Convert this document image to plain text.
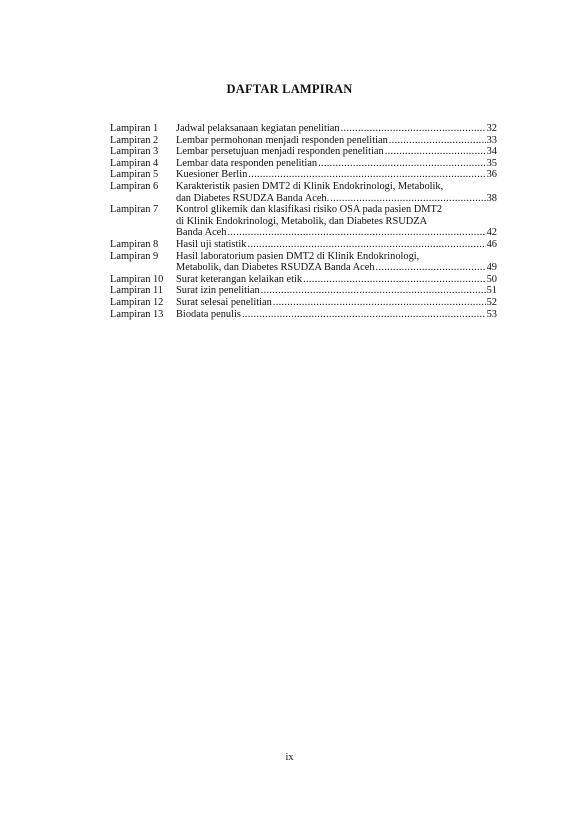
DAFTAR LAMPIRAN
Lampiran 1	Jadwal pelaksanaan kegiatan penelitian .....	32
Lampiran 2	Lembar permohonan menjadi responden penelitian .....	33
Lampiran 3	Lembar persetujuan menjadi responden penelitian .....	34
Lampiran 4	Lembar data responden penelitian .....	35
Lampiran 5	Kuesioner Berlin .....	36
Lampiran 6	Karakteristik pasien DMT2 di Klinik Endokrinologi, Metabolik,
dan Diabetes RSUDZA Banda Aceh. .....	38
Lampiran 7	Kontrol glikemik dan klasifikasi risiko OSA pada pasien DMT2
di Klinik Endokrinologi, Metabolik, dan Diabetes RSUDZA
Banda Aceh .....	42
Lampiran 8	Hasil uji statistik .....	46
Lampiran 9	Hasil laboratorium pasien DMT2 di Klinik Endokrinologi,
Metabolik, dan Diabetes RSUDZA Banda Aceh .....	49
Lampiran 10	Surat keterangan kelaikan etik .....	50
Lampiran 11	Surat izin penelitian .....	51
Lampiran 12	Surat selesai penelitian .....	52
Lampiran 13	Biodata penulis .....	53
ix
